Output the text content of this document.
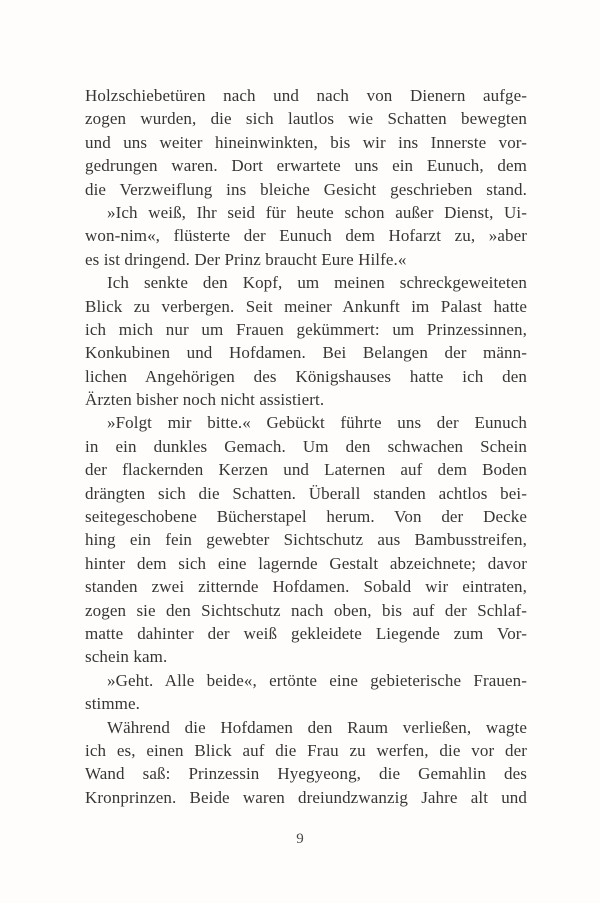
Holzschiebetüren nach und nach von Dienern aufge-
zogen wurden, die sich lautlos wie Schatten bewegten
und uns weiter hineinwinkten, bis wir ins Innerste vor-
gedrungen waren. Dort erwartete uns ein Eunuch, dem
die Verzweiflung ins bleiche Gesicht geschrieben stand.
»Ich weiß, Ihr seid für heute schon außer Dienst, Ui-
won-nim«, flüsterte der Eunuch dem Hofarzt zu, »aber
es ist dringend. Der Prinz braucht Eure Hilfe.«
Ich senkte den Kopf, um meinen schreckgeweiteten
Blick zu verbergen. Seit meiner Ankunft im Palast hatte
ich mich nur um Frauen gekümmert: um Prinzessinnen,
Konkubinen und Hofdamen. Bei Belangen der männ-
lichen Angehörigen des Königshauses hatte ich den
Ärzten bisher noch nicht assistiert.
»Folgt mir bitte.« Gebückt führte uns der Eunuch
in ein dunkles Gemach. Um den schwachen Schein
der flackernden Kerzen und Laternen auf dem Boden
drängten sich die Schatten. Überall standen achtlos bei-
seitegeschobene Bücherstapel herum. Von der Decke
hing ein fein gewebter Sichtschutz aus Bambusstreifen,
hinter dem sich eine lagernde Gestalt abzeichnete; davor
standen zwei zitternde Hofdamen. Sobald wir eintraten,
zogen sie den Sichtschutz nach oben, bis auf der Schlaf-
matte dahinter der weiß gekleidete Liegende zum Vor-
schein kam.
»Geht. Alle beide«, ertönte eine gebieterische Frauen-
stimme.
Während die Hofdamen den Raum verließen, wagte
ich es, einen Blick auf die Frau zu werfen, die vor der
Wand saß: Prinzessin Hyegyeong, die Gemahlin des
Kronprinzen. Beide waren dreiundzwanzig Jahre alt und
9
